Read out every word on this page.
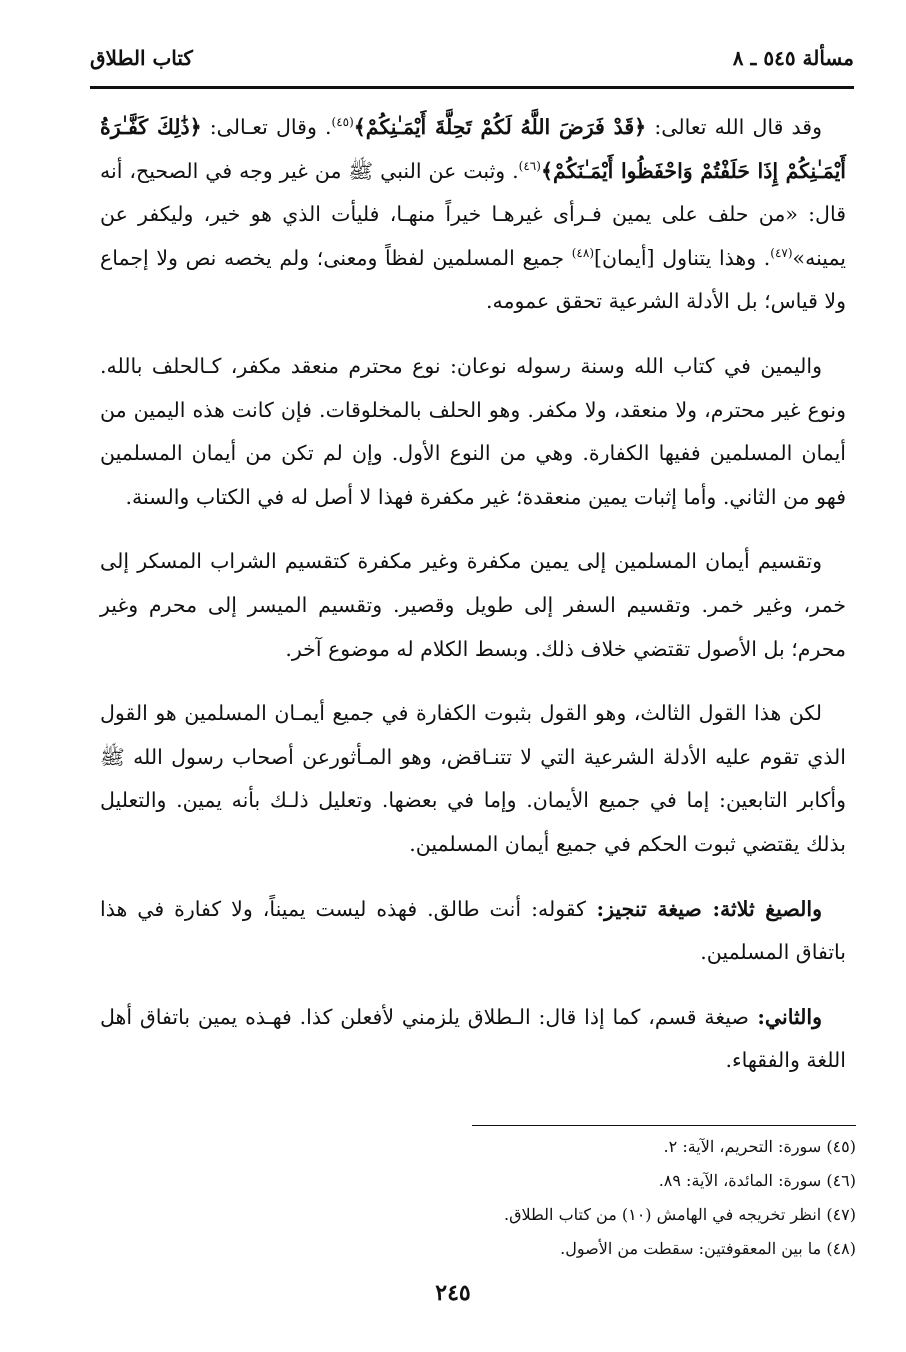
مسألة ٥٤٥ ـ ٨
كتاب الطلاق

وقد قال الله تعالى: ﴿قَدْ فَرَضَ اللَّهُ لَكُمْ تَحِلَّةَ أَيْمَـٰنِكُمْ﴾$^{(٤٥)}$. وقال تعـالى: ﴿ذَٰلِكَ كَفَّـٰرَةُ أَيْمَـٰنِكُمْ إِذَا حَلَفْتُمْ وَاحْفَظُوا أَيْمَـٰنَكُمْ﴾$^{(٤٦)}$. وثبت عن النبي ﷺ من غير وجه في الصحيح، أنه قال: «من حلف على يمين فـرأى غيرهـا خيراً منهـا، فليأت الذي هو خير، وليكفر عن يمينه»$^{(٤٧)}$. وهذا يتناول [أيمان]$^{(٤٨)}$ جميع المسلمين لفظاً ومعنى؛ ولم يخصه نص ولا إجماع ولا قياس؛ بل الأدلة الشرعية تحقق عمومه.

واليمين في كتاب الله وسنة رسوله نوعان: نوع محترم منعقد مكفر، كـالحلف بالله. ونوع غير محترم، ولا منعقد، ولا مكفر. وهو الحلف بالمخلوقات. فإن كانت هذه اليمين من أيمان المسلمين ففيها الكفارة. وهي من النوع الأول. وإن لم تكن من أيمان المسلمين فهو من الثاني. وأما إثبات يمين منعقدة؛ غير مكفرة فهذا لا أصل له في الكتاب والسنة.

وتقسيم أيمان المسلمين إلى يمين مكفرة وغير مكفرة كتقسيم الشراب المسكر إلى خمر، وغير خمر. وتقسيم السفر إلى طويل وقصير. وتقسيم الميسر إلى محرم وغير محرم؛ بل الأصول تقتضي خلاف ذلك. وبسط الكلام له موضوع آخر.

لكن هذا القول الثالث، وهو القول بثبوت الكفارة في جميع أيمـان المسلمين هو القول الذي تقوم عليه الأدلة الشرعية التي لا تتنـاقض، وهو المـأثورعن أصحاب رسول الله ﷺ وأكابر التابعين: إما في جميع الأيمان. وإما في بعضها. وتعليل ذلـك بأنه يمين. والتعليل بذلك يقتضي ثبوت الحكم في جميع أيمان المسلمين.

والصيغ ثلاثة: صيغة تنجيز: كقوله: أنت طالق. فهذه ليست يميناً، ولا كفارة في هذا باتفاق المسلمين.

والثاني: صيغة قسم، كما إذا قال: الـطلاق يلزمني لأفعلن كذا. فهـذه يمين باتفاق أهل اللغة والفقهاء.

(٤٥) سورة: التحريم، الآية: ٢.

(٤٦) سورة: المائدة، الآية: ٨٩.

(٤٧) انظر تخريجه في الهامش (١٠) من كتاب الطلاق.

(٤٨) ما بين المعقوفتين: سقطت من الأصول.

٢٤٥
